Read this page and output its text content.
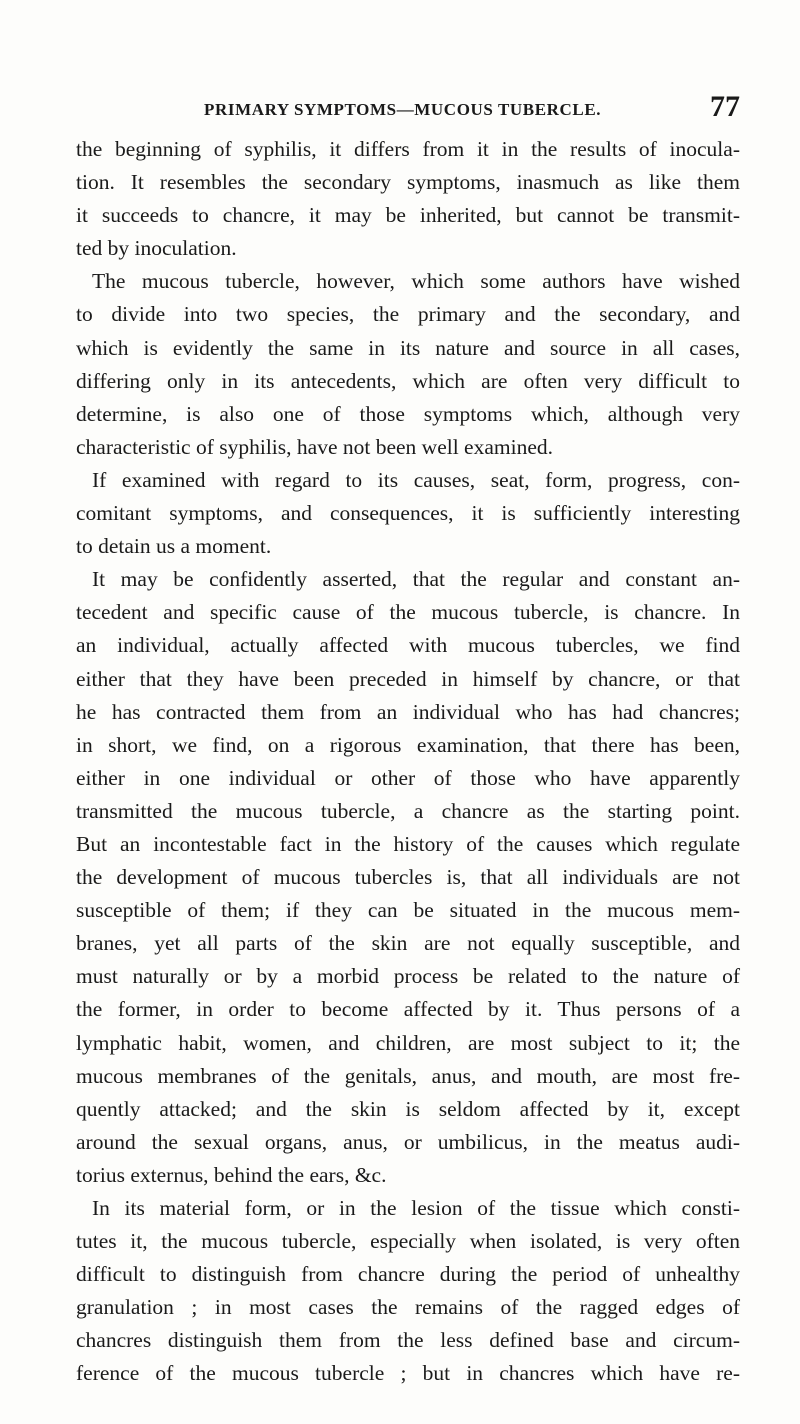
PRIMARY SYMPTOMS—MUCOUS TUBERCLE.	77
the beginning of syphilis, it differs from it in the results of inocula-
tion. It resembles the secondary symptoms, inasmuch as like them
it succeeds to chancre, it may be inherited, but cannot be transmit-
ted by inoculation.
The mucous tubercle, however, which some authors have wished
to divide into two species, the primary and the secondary, and
which is evidently the same in its nature and source in all cases,
differing only in its antecedents, which are often very difficult to
determine, is also one of those symptoms which, although very
characteristic of syphilis, have not been well examined.
If examined with regard to its causes, seat, form, progress, con-
comitant symptoms, and consequences, it is sufficiently interesting
to detain us a moment.
It may be confidently asserted, that the regular and constant an-
tecedent and specific cause of the mucous tubercle, is chancre. In
an individual, actually affected with mucous tubercles, we find
either that they have been preceded in himself by chancre, or that
he has contracted them from an individual who has had chancres;
in short, we find, on a rigorous examination, that there has been,
either in one individual or other of those who have apparently
transmitted the mucous tubercle, a chancre as the starting point.
But an incontestable fact in the history of the causes which regulate
the development of mucous tubercles is, that all individuals are not
susceptible of them; if they can be situated in the mucous mem-
branes, yet all parts of the skin are not equally susceptible, and
must naturally or by a morbid process be related to the nature of
the former, in order to become affected by it. Thus persons of a
lymphatic habit, women, and children, are most subject to it; the
mucous membranes of the genitals, anus, and mouth, are most fre-
quently attacked; and the skin is seldom affected by it, except
around the sexual organs, anus, or umbilicus, in the meatus audi-
torius externus, behind the ears, &c.
In its material form, or in the lesion of the tissue which consti-
tutes it, the mucous tubercle, especially when isolated, is very often
difficult to distinguish from chancre during the period of unhealthy
granulation ; in most cases the remains of the ragged edges of
chancres distinguish them from the less defined base and circum-
ference of the mucous tubercle ; but in chancres which have re-
